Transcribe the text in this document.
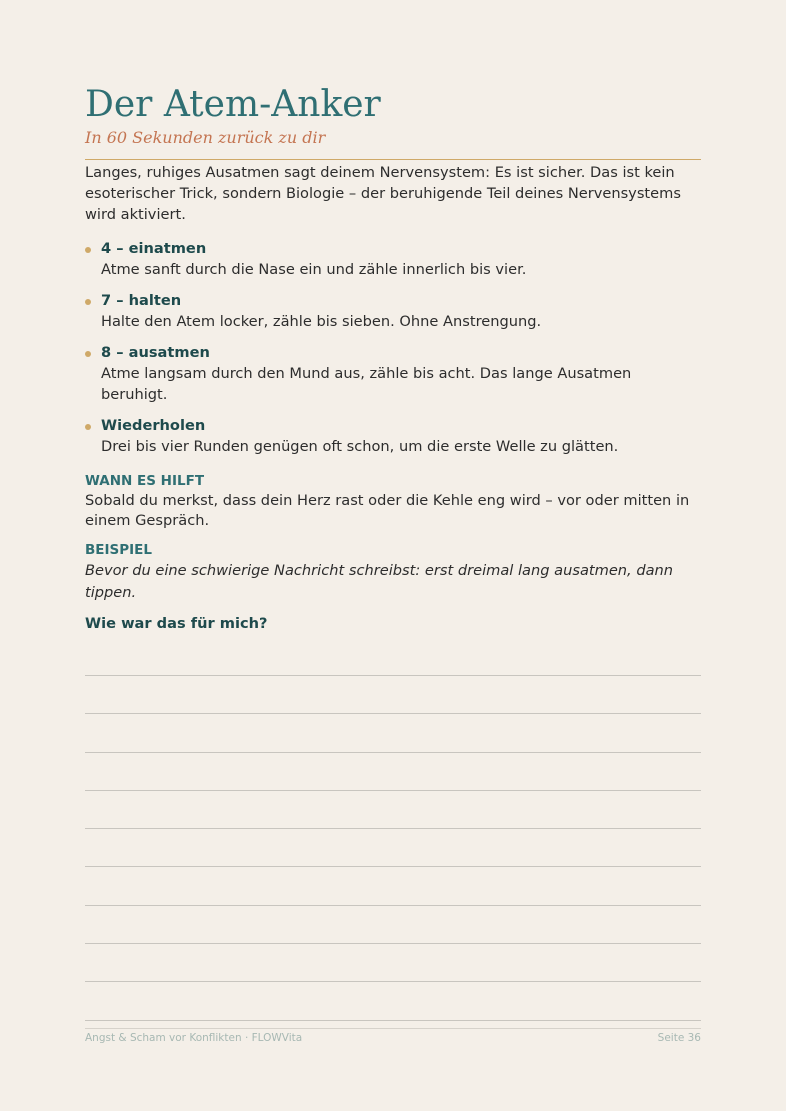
Der Atem-Anker
In 60 Sekunden zurück zu dir

Langes, ruhiges Ausatmen sagt deinem Nervensystem: Es ist sicher. Das ist kein esoterischer Trick, sondern Biologie – der beruhigende Teil deines Nervensystems wird aktiviert.

4 – einatmen
Atme sanft durch die Nase ein und zähle innerlich bis vier.
7 – halten
Halte den Atem locker, zähle bis sieben. Ohne Anstrengung.
8 – ausatmen
Atme langsam durch den Mund aus, zähle bis acht. Das lange Ausatmen beruhigt.
Wiederholen
Drei bis vier Runden genügen oft schon, um die erste Welle zu glätten.
WANN ES HILFT

Sobald du merkst, dass dein Herz rast oder die Kehle eng wird – vor oder mitten in einem Gespräch.

BEISPIEL

Bevor du eine schwierige Nachricht schreibst: erst dreimal lang ausatmen, dann tippen.

Wie war das für mich?
Angst & Scham vor Konflikten · FLOWVita	Seite 36
